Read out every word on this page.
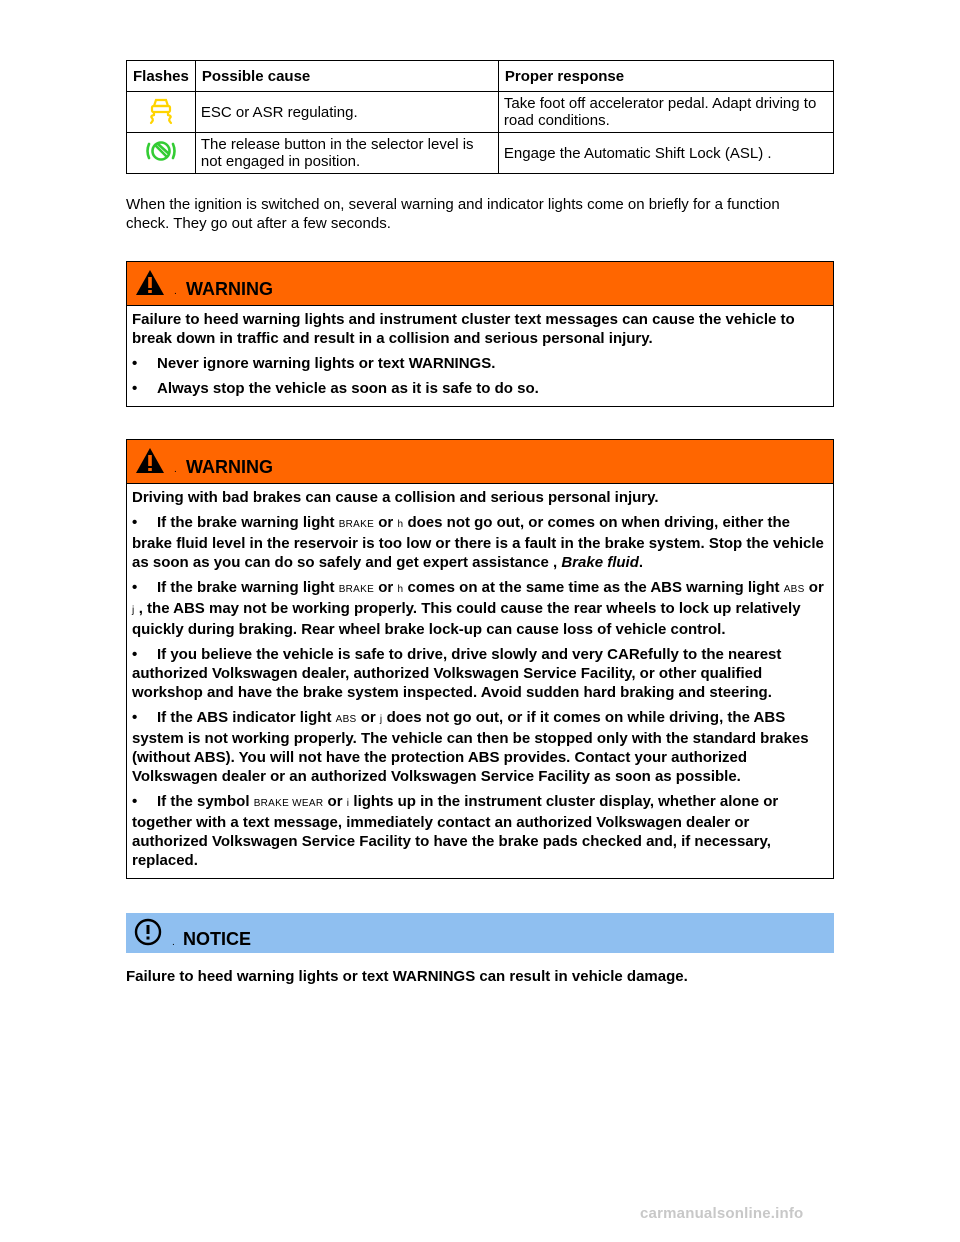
Flashes	Possible cause	Proper response
	ESC or ASR regulating.	Take foot off accelerator pedal. Adapt driving to road conditions.
	The release button in the selector level is not engaged in position.	Engage the Automatic Shift Lock (ASL) .
When the ignition is switched on, several warning and indicator lights come on briefly for a function check. They go out after a few seconds.
. WARNING

Failure to heed warning lights and instrument cluster text messages can cause the vehicle to break down in traffic and result in a collision and serious personal injury.

•	Never ignore warning lights or text WARNINGS.
•	Always stop the vehicle as soon as it is safe to do so.
. WARNING

Driving with bad brakes can cause a collision and serious personal injury.

• If the brake warning light BRAKE or h does not go out, or comes on when driving, either the brake fluid level in the reservoir is too low or there is a fault in the brake system. Stop the vehicle as soon as you can do so safely and get expert assistance , Brake fluid.
• If the brake warning light BRAKE or h comes on at the same time as the ABS warning light ABS or j , the ABS may not be working properly. This could cause the rear wheels to lock up relatively quickly during braking. Rear wheel brake lock-up can cause loss of vehicle control.
• If you believe the vehicle is safe to drive, drive slowly and very CARefully to the nearest authorized Volkswagen dealer, authorized Volkswagen Service Facility, or other qualified workshop and have the brake system inspected. Avoid sudden hard braking and steering.
• If the ABS indicator light ABS or j does not go out, or if it comes on while driving, the ABS system is not working properly. The vehicle can then be stopped only with the standard brakes (without ABS). You will not have the protection ABS provides. Contact your authorized Volkswagen dealer or an authorized Volkswagen Service Facility as soon as possible.
• If the symbol BRAKE WEAR or i lights up in the instrument cluster display, whether alone or together with a text message, immediately contact an authorized Volkswagen dealer or authorized Volkswagen Service Facility to have the brake pads checked and, if necessary, replaced.
. NOTICE
Failure to heed warning lights or text WARNINGS can result in vehicle damage.
carmanualsonline.info
